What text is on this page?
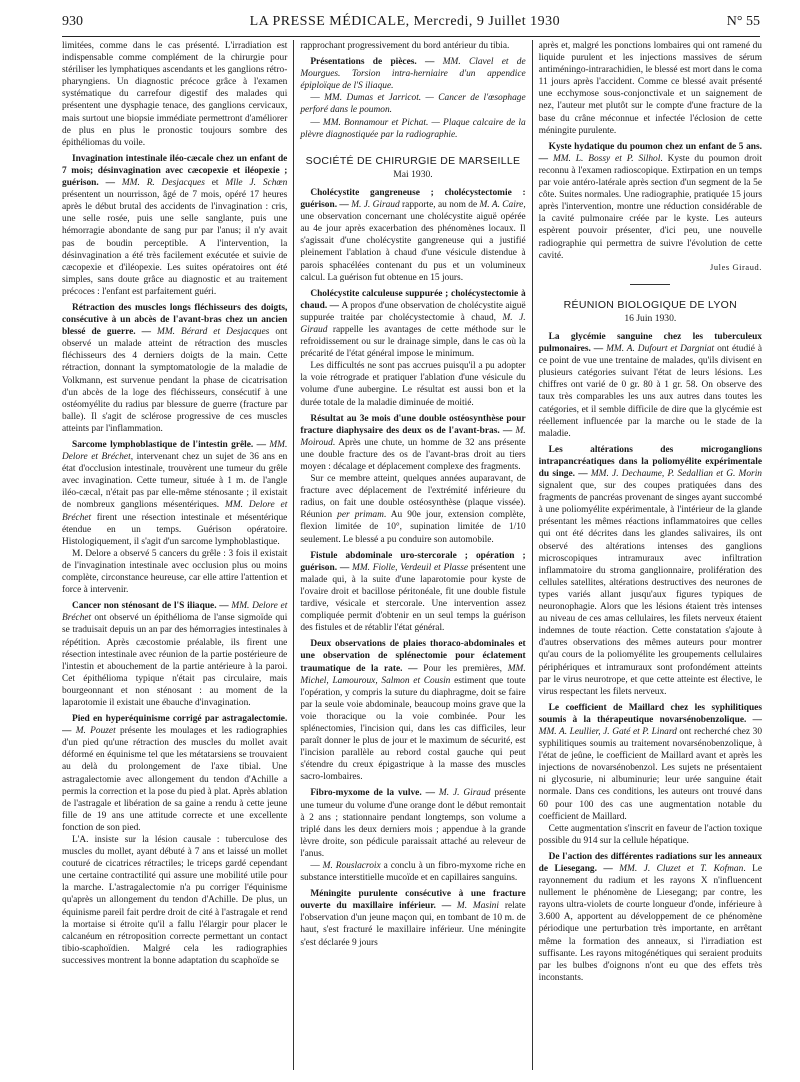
930	LA PRESSE MÉDICALE, Mercredi, 9 Juillet 1930	N° 55

limitées, comme dans le cas présenté. L'irradiation est indispensable comme complément de la chirurgie pour stériliser les lymphatiques ascendants et les ganglions rétro-pharyngiens. Un diagnostic précoce grâce à l'examen systématique du carrefour digestif des malades qui présentent une dysphagie tenace, des ganglions cervicaux, mais surtout une biopsie immédiate permettront d'améliorer de plus en plus le pronostic toujours sombre des épithéliomas du voile.

Invagination intestinale iléo-cæcale chez un enfant de 7 mois; désinvagination avec cæcopexie et iléopexie ; guérison. — MM. R. Desjacques et Mlle J. Schœn présentent un nourrisson, âgé de 7 mois, opéré 17 heures après le début brutal des accidents de l'invagination : cris, une selle rosée, puis une selle sanglante, puis une hémorragie abondante de sang pur par l'anus; il n'y avait pas de boudin perceptible. A l'intervention, la désinvagination a été très facilement exécutée et suivie de cæcopexie et d'iléopexie. Les suites opératoires ont été simples, sans doute grâce au diagnostic et au traitement précoces : l'enfant est parfaitement guéri.

Rétraction des muscles longs fléchisseurs des doigts, consécutive à un abcès de l'avant-bras chez un ancien blessé de guerre. — MM. Bérard et Desjacques ont observé un malade atteint de rétraction des muscles fléchisseurs des 4 derniers doigts de la main. Cette rétraction, donnant la symptomatologie de la maladie de Volkmann, est survenue pendant la phase de cicatrisation d'un abcès de la loge des fléchisseurs, consécutif à une ostéomyélite du radius par blessure de guerre (fracture par balle). Il s'agit de sclérose progressive de ces muscles atteints par l'inflammation.

Sarcome lymphoblastique de l'intestin grêle. — MM. Delore et Bréchet, intervenant chez un sujet de 36 ans en état d'occlusion intestinale, trouvèrent une tumeur du grêle avec invagination. Cette tumeur, située à 1 m. de l'angle iléo-cæcal, n'était pas par elle-même sténosante ; il existait de nombreux ganglions mésentériques. MM. Delore et Bréchet firent une résection intestinale et mésentérique étendue en un temps. Guérison opératoire. Histologiquement, il s'agit d'un sarcome lymphoblastique.

M. Delore a observé 5 cancers du grêle : 3 fois il existait de l'invagination intestinale avec occlusion plus ou moins complète, circonstance heureuse, car elle attire l'attention et force à intervenir.

Cancer non sténosant de l'S iliaque. — MM. Delore et Bréchet ont observé un épithélioma de l'anse sigmoïde qui se traduisait depuis un an par des hémorragies intestinales à répétition. Après cæcostomie préalable, ils firent une résection intestinale avec réunion de la partie postérieure de l'intestin et abouchement de la partie antérieure à la paroi. Cet épithélioma typique n'était pas circulaire, mais bourgeonnant et non sténosant : au moment de la laparotomie il existait une ébauche d'invagination.

Pied en hyperéquinisme corrigé par astragalectomie. — M. Pouzet présente les moulages et les radiographies d'un pied qu'une rétraction des muscles du mollet avait déformé en équinisme tel que les métatarsiens se trouvaient au delà du prolongement de l'axe tibial. Une astragalectomie avec allongement du tendon d'Achille a permis la correction et la pose du pied à plat. Après ablation de l'astragale et libération de sa gaine a rendu à cette jeune fille de 19 ans une attitude correcte et une excellente fonction de son pied.

L'A. insiste sur la lésion causale : tuberculose des muscles du mollet, ayant débuté à 7 ans et laissé un mollet couturé de cicatrices rétractiles; le triceps gardé cependant une certaine contractilité qui assure une mobilité utile pour la marche. L'astragalectomie n'a pu corriger l'équinisme qu'après un allongement du tendon d'Achille. De plus, un équinisme pareil fait perdre droit de cité à l'astragale et rend la mortaise si étroite qu'il a fallu l'élargir pour placer le calcanéum en rétroposition correcte permettant un contact tibio-scaphoïdien. Malgré cela les radiographies successives montrent la bonne adaptation du scaphoïde se

rapprochant progressivement du bord antérieur du tibia.

Présentations de pièces. — MM. Clavel et de Mourgues. Torsion intra-herniaire d'un appendice épiploïque de l'S iliaque.

— MM. Dumas et Jarricot. — Cancer de l'œsophage perforé dans le poumon.

— MM. Bonnamour et Pichat. — Plaque calcaire de la plèvre diagnostiquée par la radiographie.

SOCIÉTÉ DE CHIRURGIE DE MARSEILLE
Mai 1930.

Cholécystite gangreneuse ; cholécystectomie : guérison. — M. J. Giraud rapporte, au nom de M. A. Caire, une observation concernant une cholécystite aiguë opérée au 4e jour après exacerbation des phénomènes locaux. Il s'agissait d'une cholécystite gangreneuse qui a justifié pleinement l'ablation à chaud d'une vésicule distendue à parois sphacélées contenant du pus et un volumineux calcul. La guérison fut obtenue en 15 jours.

Cholécystite calculeuse suppurée ; cholécystectomie à chaud. — A propos d'une observation de cholécystite aiguë suppurée traitée par cholécystectomie à chaud, M. J. Giraud rappelle les avantages de cette méthode sur le refroidissement ou sur le drainage simple, dans le cas où la précarité de l'état général impose le minimum.

Les difficultés ne sont pas accrues puisqu'il a pu adopter la voie rétrograde et pratiquer l'ablation d'une vésicule du volume d'une aubergine. Le résultat est aussi bon et la durée totale de la maladie diminuée de moitié.

Résultat au 3e mois d'une double ostéosynthèse pour fracture diaphysaire des deux os de l'avant-bras. — M. Moiroud. Après une chute, un homme de 32 ans présente une double fracture des os de l'avant-bras droit au tiers moyen : décalage et déplacement complexe des fragments.

Sur ce membre atteint, quelques années auparavant, de fracture avec déplacement de l'extrémité inférieure du radius, on fait une double ostéosynthèse (plaque vissée). Réunion per primam. Au 90e jour, extension complète, flexion limitée de 10°, supination limitée de 1/10 seulement. Le blessé a pu conduire son automobile.

Fistule abdominale uro-stercorale ; opération ; guérison. — MM. Fiolle, Verdeuil et Plasse présentent une malade qui, à la suite d'une laparotomie pour kyste de l'ovaire droit et bacillose péritonéale, fit une double fistule tardive, vésicale et stercorale. Une intervention assez compliquée permit d'obtenir en un seul temps la guérison des fistules et de rétablir l'état général.

Deux observations de plaies thoraco-abdominales et une observation de splénectomie pour éclatement traumatique de la rate. — Pour les premières, MM. Michel, Lamouroux, Salmon et Cousin estiment que toute l'opération, y compris la suture du diaphragme, doit se faire par la seule voie abdominale, beaucoup moins grave que la voie thoracique ou la voie combinée. Pour les splénectomies, l'incision qui, dans les cas difficiles, leur paraît donner le plus de jour et le maximum de sécurité, est l'incision parallèle au rebord costal gauche qui peut s'étendre du creux épigastrique à la masse des muscles sacro-lombaires.

Fibro-myxome de la vulve. — M. J. Giraud présente une tumeur du volume d'une orange dont le début remontait à 2 ans ; stationnaire pendant longtemps, son volume a triplé dans les deux derniers mois ; appendue à la grande lèvre droite, son pédicule paraissait attaché au releveur de l'anus.

— M. Rouslacroix a conclu à un fibro-myxome riche en substance interstitielle mucoïde et en capillaires sanguins.

Méningite purulente consécutive à une fracture ouverte du maxillaire inférieur. — M. Masini relate l'observation d'un jeune maçon qui, en tombant de 10 m. de haut, s'est fracturé le maxillaire inférieur. Une méningite s'est déclarée 9 jours

après et, malgré les ponctions lombaires qui ont ramené du liquide purulent et les injections massives de sérum antiméningo-intrarachidien, le blessé est mort dans le coma 11 jours après l'accident. Comme ce blessé avait présenté une ecchymose sous-conjonctivale et un saignement de nez, l'auteur met plutôt sur le compte d'une fracture de la base du crâne méconnue et infectée l'éclosion de cette méningite purulente.

Kyste hydatique du poumon chez un enfant de 5 ans. — MM. L. Bossy et P. Silhol. Kyste du poumon droit reconnu à l'examen radioscopique. Extirpation en un temps par voie antéro-latérale après section d'un segment de la 5e côte. Suites normales. Une radiographie, pratiquée 15 jours après l'intervention, montre une réduction considérable de la cavité pulmonaire créée par le kyste. Les auteurs espèrent pouvoir présenter, d'ici peu, une nouvelle radiographie qui permettra de suivre l'évolution de cette cavité.

Jules Giraud.
RÉUNION BIOLOGIQUE DE LYON
16 Juin 1930.

La glycémie sanguine chez les tuberculeux pulmonaires. — MM. A. Dufourt et Dargniat ont étudié à ce point de vue une trentaine de malades, qu'ils divisent en plusieurs catégories suivant l'état de leurs lésions. Les chiffres ont varié de 0 gr. 80 à 1 gr. 58. On observe des taux très comparables les uns aux autres dans toutes les catégories, et il semble difficile de dire que la glycémie est réellement influencée par la marche ou le stade de la maladie.

Les altérations des microganglions intrapancréatiques dans la poliomyélite expérimentale du singe. — MM. J. Dechaume, P. Sedallian et G. Morin signalent que, sur des coupes pratiquées dans des fragments de pancréas provenant de singes ayant succombé à une poliomyélite expérimentale, à l'intérieur de la glande présentant les mêmes réactions inflammatoires que celles qui ont été décrites dans les glandes salivaires, ils ont observé des altérations intenses des ganglions microscopiques intramuraux avec infiltration inflammatoire du stroma ganglionnaire, prolifération des cellules satellites, altérations destructives des neurones de types variés allant jusqu'aux figures typiques de neuronophagie. Alors que les lésions étaient très intenses au niveau de ces amas cellulaires, les filets nerveux étaient indemnes de toute réaction. Cette constatation s'ajoute à d'autres observations des mêmes auteurs pour montrer qu'au cours de la poliomyélite les groupements cellulaires périphériques et intramuraux sont profondément atteints par le virus neurotrope, et que cette atteinte est élective, le virus respectant les filets nerveux.

Le coefficient de Maillard chez les syphilitiques soumis à la thérapeutique novarsénobenzolique. — MM. A. Leullier, J. Gaté et P. Linard ont recherché chez 30 syphilitiques soumis au traitement novarsénobenzolique, à l'état de jeûne, le coefficient de Maillard avant et après les injections de novarsénobenzol. Les sujets ne présentaient ni glycosurie, ni albuminurie; leur urée sanguine était normale. Dans ces conditions, les auteurs ont trouvé dans 60 pour 100 des cas une augmentation notable du coefficient de Maillard.

Cette augmentation s'inscrit en faveur de l'action toxique possible du 914 sur la cellule hépatique.

De l'action des différentes radiations sur les anneaux de Liesegang. — MM. J. Cluzet et T. Kofman. Le rayonnement du radium et les rayons X n'influencent nullement le phénomène de Liesegang; par contre, les rayons ultra-violets de courte longueur d'onde, inférieure à 3.600 A, apportent au développement de ce phénomène périodique une perturbation très importante, en arrêtant même la formation des anneaux, si l'irradiation est suffisante. Les rayons mitogénétiques qui seraient produits par les bulbes d'oignons n'ont eu que des effets très inconstants.
